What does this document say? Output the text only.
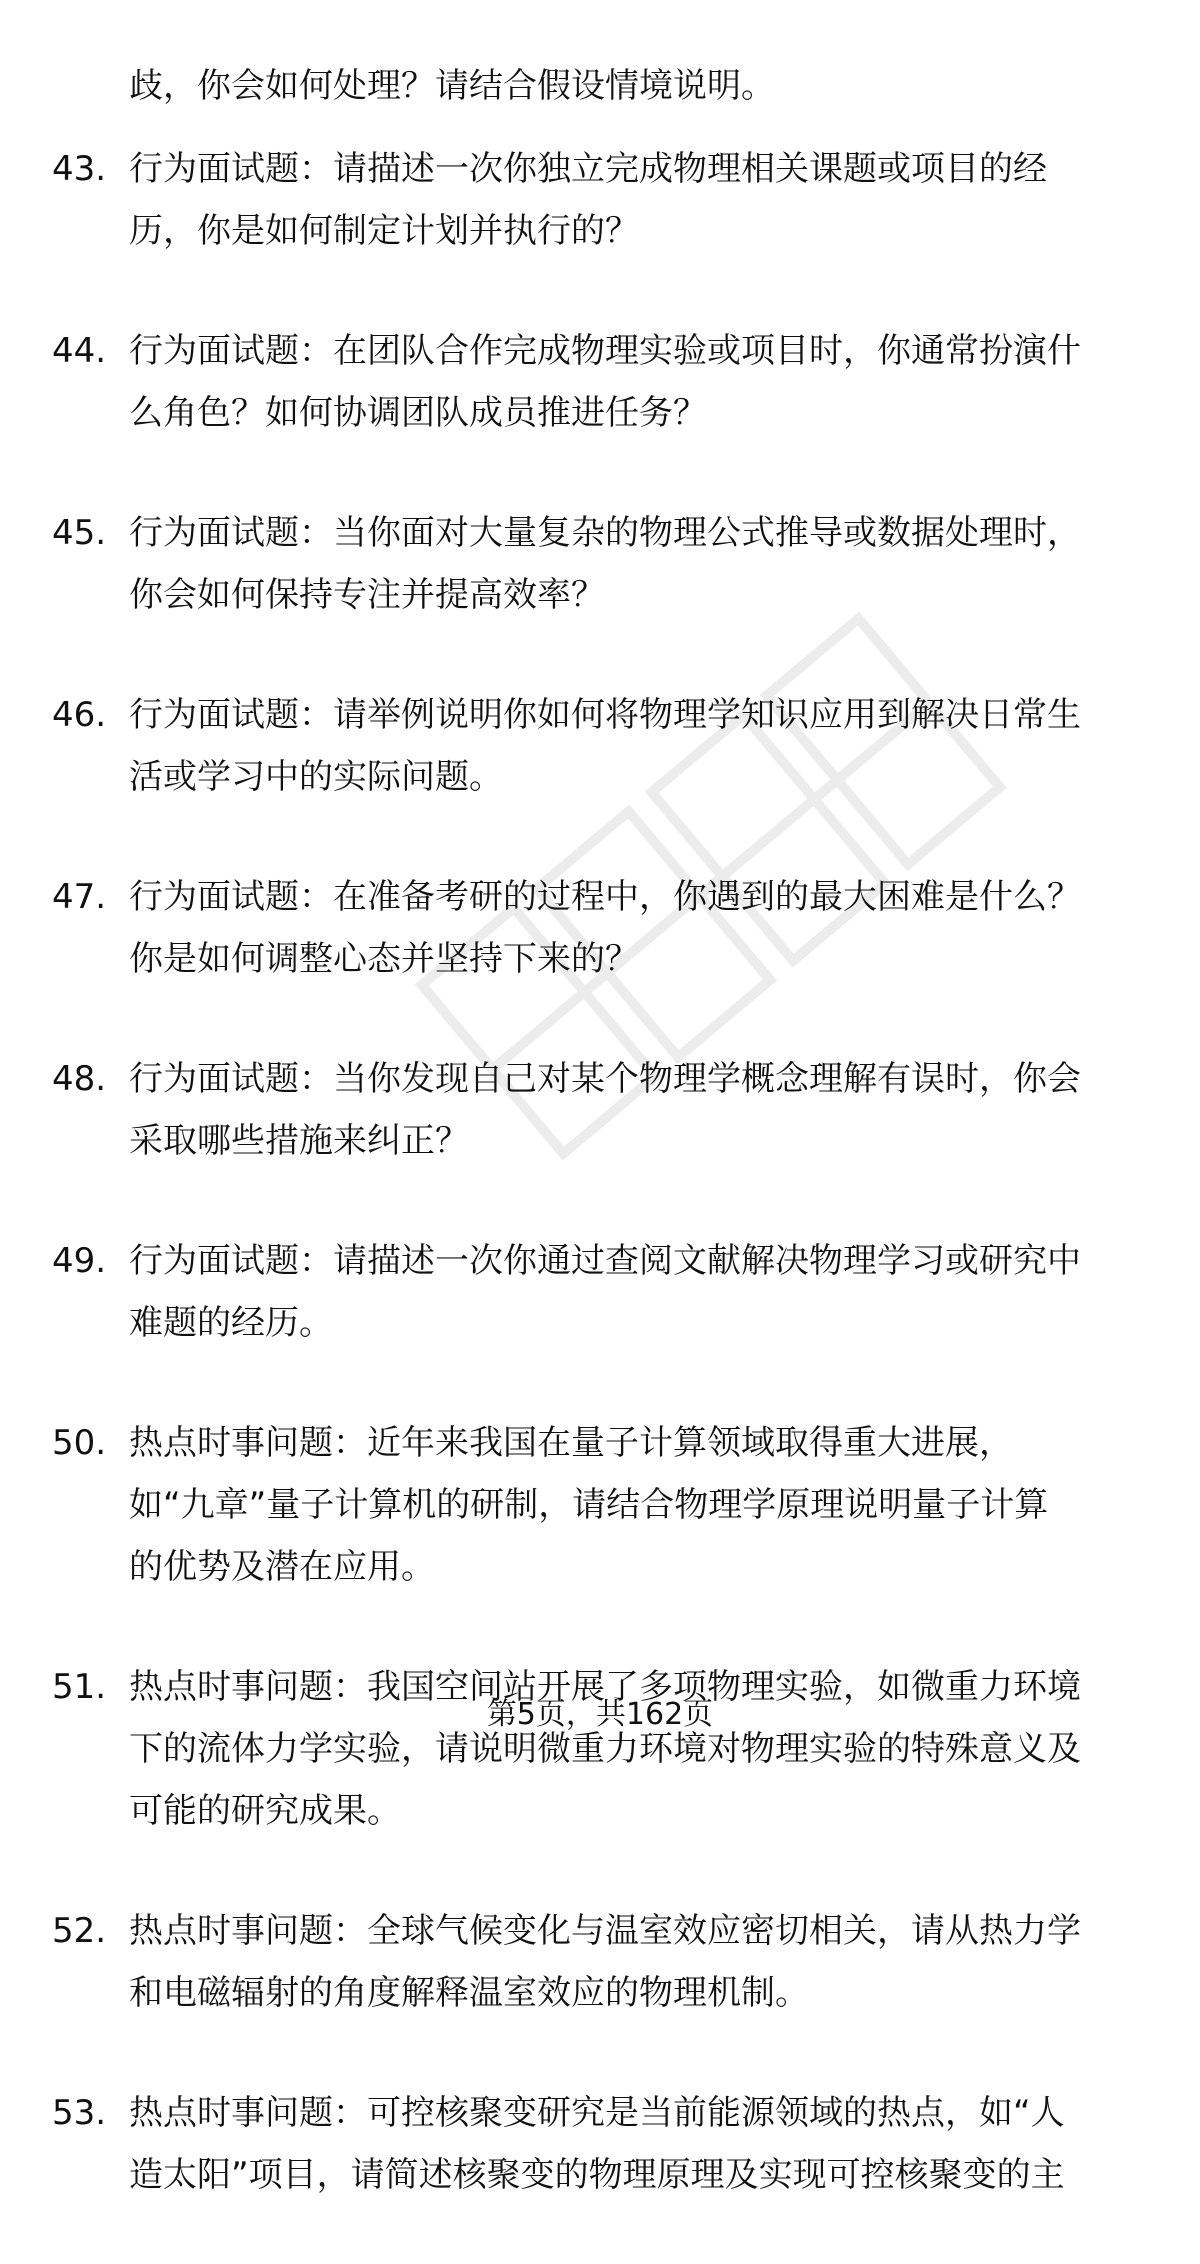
歧，你会如何处理？请结合假设情境说明。
43. 行为面试题：请描述一次你独立完成物理相关课题或项目的经
历，你是如何制定计划并执行的？
44. 行为面试题：在团队合作完成物理实验或项目时，你通常扮演什
么角色？如何协调团队成员推进任务？
45. 行为面试题：当你面对大量复杂的物理公式推导或数据处理时，
你会如何保持专注并提高效率？
46. 行为面试题：请举例说明你如何将物理学知识应用到解决日常生
活或学习中的实际问题。
47. 行为面试题：在准备考研的过程中，你遇到的最大困难是什么？
你是如何调整心态并坚持下来的？
48. 行为面试题：当你发现自己对某个物理学概念理解有误时，你会
采取哪些措施来纠正？
49. 行为面试题：请描述一次你通过查阅文献解决物理学习或研究中
难题的经历。
50. 热点时事问题：近年来我国在量子计算领域取得重大进展，
如“九章”量子计算机的研制，请结合物理学原理说明量子计算
的优势及潜在应用。
51. 热点时事问题：我国空间站开展了多项物理实验，如微重力环境
下的流体力学实验，请说明微重力环境对物理实验的特殊意义及
可能的研究成果。
52. 热点时事问题：全球气候变化与温室效应密切相关，请从热力学
和电磁辐射的角度解释温室效应的物理机制。
53. 热点时事问题：可控核聚变研究是当前能源领域的热点，如“人
造太阳”项目，请简述核聚变的物理原理及实现可控核聚变的主
第5页，共162页
